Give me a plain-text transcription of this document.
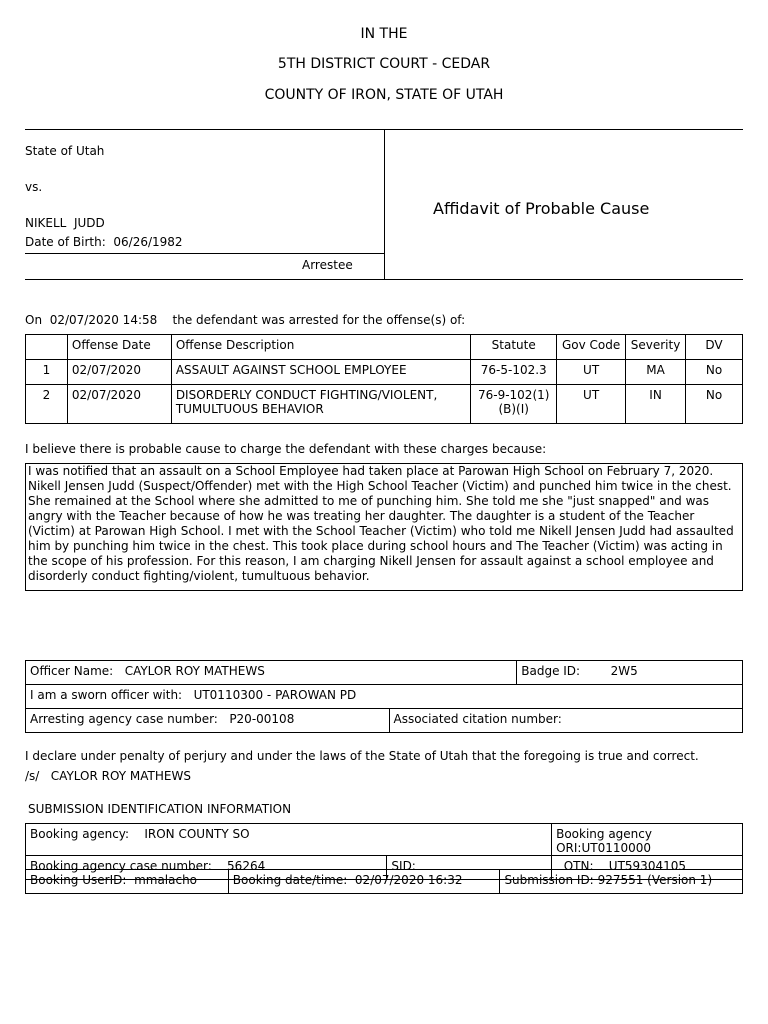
IN THE
5TH DISTRICT COURT - CEDAR
COUNTY OF IRON, STATE OF UTAH
State of Utah
vs.
NIKELL  JUDD
Date of Birth: 06/26/1982
Arrestee
Affidavit of Probable Cause
On 02/07/2020 14:58 the defendant was arrested for the offense(s) of:
	Offense Date	Offense Description	Statute	Gov Code	Severity	DV
1	02/07/2020	ASSAULT AGAINST SCHOOL EMPLOYEE	76-5-102.3	UT	MA	No
2	02/07/2020	DISORDERLY CONDUCT FIGHTING/VIOLENT, TUMULTUOUS BEHAVIOR	76-9-102(1)(B)(I)	UT	IN	No
I believe there is probable cause to charge the defendant with these charges because:
I was notified that an assault on a School Employee had taken place at Parowan High School on February 7, 2020. Nikell Jensen Judd (Suspect/Offender) met with the High School Teacher (Victim) and punched him twice in the chest. She remained at the School where she admitted to me of punching him. She told me she "just snapped" and was angry with the Teacher because of how he was treating her daughter. The daughter is a student of the Teacher (Victim) at Parowan High School. I met with the School Teacher (Victim) who told me Nikell Jensen Judd had assaulted him by punching him twice in the chest. This took place during school hours and The Teacher (Victim) was acting in the scope of his profession. For this reason, I am charging Nikell Jensen for assault against a school employee and disorderly conduct fighting/violent, tumultuous behavior.
Officer Name: CAYLOR ROY MATHEWS		Badge ID: 2W5
I am a sworn officer with: UT0110300 - PAROWAN PD		
Arresting agency case number: P20-00108	Associated citation number:	
I declare under penalty of perjury and under the laws of the State of Utah that the foregoing is true and correct.
/s/ CAYLOR ROY MATHEWS
SUBMISSION IDENTIFICATION INFORMATION
Booking agency: IRON COUNTY SO		Booking agency ORI:UT0110000
Booking agency case number: 56264	SID:	OTN: UT59304105
Booking UserID: mmalacho	Booking date/time: 02/07/2020 16:32	Submission ID: 927551 (Version 1)
